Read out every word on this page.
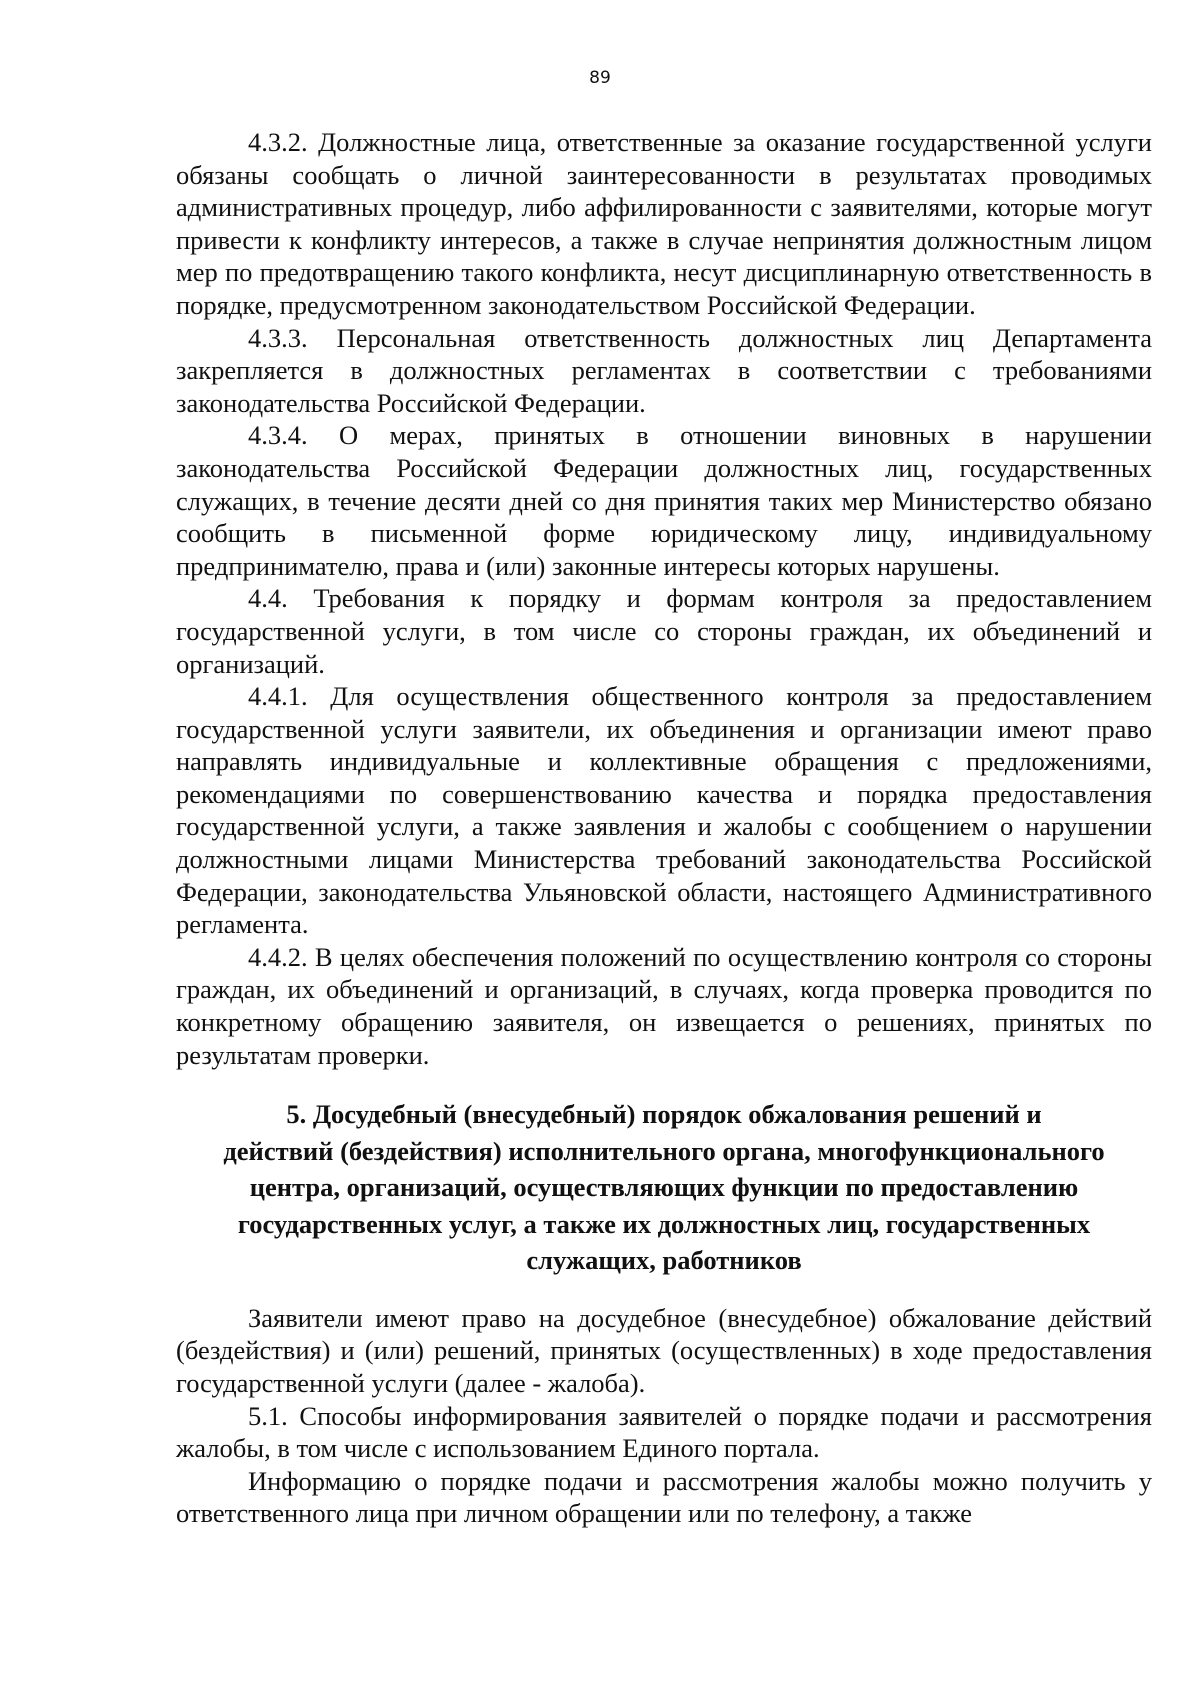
89

4.3.2. Должностные лица, ответственные за оказание государственной услуги обязаны сообщать о личной заинтересованности в результатах проводимых административных процедур, либо аффилированности с заявителями, которые могут привести к конфликту интересов, а также в случае непринятия должностным лицом мер по предотвращению такого конфликта, несут дисциплинарную ответственность в порядке, предусмотренном законодательством Российской Федерации.

4.3.3. Персональная ответственность должностных лиц Департамента закрепляется в должностных регламентах в соответствии с требованиями законодательства Российской Федерации.

4.3.4. О мерах, принятых в отношении виновных в нарушении законодательства Российской Федерации должностных лиц, государственных служащих, в течение десяти дней со дня принятия таких мер Министерство обязано сообщить в письменной форме юридическому лицу, индивидуальному предпринимателю, права и (или) законные интересы которых нарушены.

4.4. Требования к порядку и формам контроля за предоставлением государственной услуги, в том числе со стороны граждан, их объединений и организаций.

4.4.1. Для осуществления общественного контроля за предоставлением государственной услуги заявители, их объединения и организации имеют право направлять индивидуальные и коллективные обращения с предложениями, рекомендациями по совершенствованию качества и порядка предоставления государственной услуги, а также заявления и жалобы с сообщением о нарушении должностными лицами Министерства требований законодательства Российской Федерации, законодательства Ульяновской области, настоящего Административного регламента.

4.4.2. В целях обеспечения положений по осуществлению контроля со стороны граждан, их объединений и организаций, в случаях, когда проверка проводится по конкретному обращению заявителя, он извещается о решениях, принятых по результатам проверки.

5. Досудебный (внесудебный) порядок обжалования решений и
действий (бездействия) исполнительного органа, многофункционального
центра, организаций, осуществляющих функции по предоставлению
государственных услуг, а также их должностных лиц, государственных
служащих, работников

Заявители имеют право на досудебное (внесудебное) обжалование действий (бездействия) и (или) решений, принятых (осуществленных) в ходе предоставления государственной услуги (далее - жалоба).

5.1. Способы информирования заявителей о порядке подачи и рассмотрения жалобы, в том числе с использованием Единого портала.

Информацию о порядке подачи и рассмотрения жалобы можно получить у ответственного лица при личном обращении или по телефону, а также
